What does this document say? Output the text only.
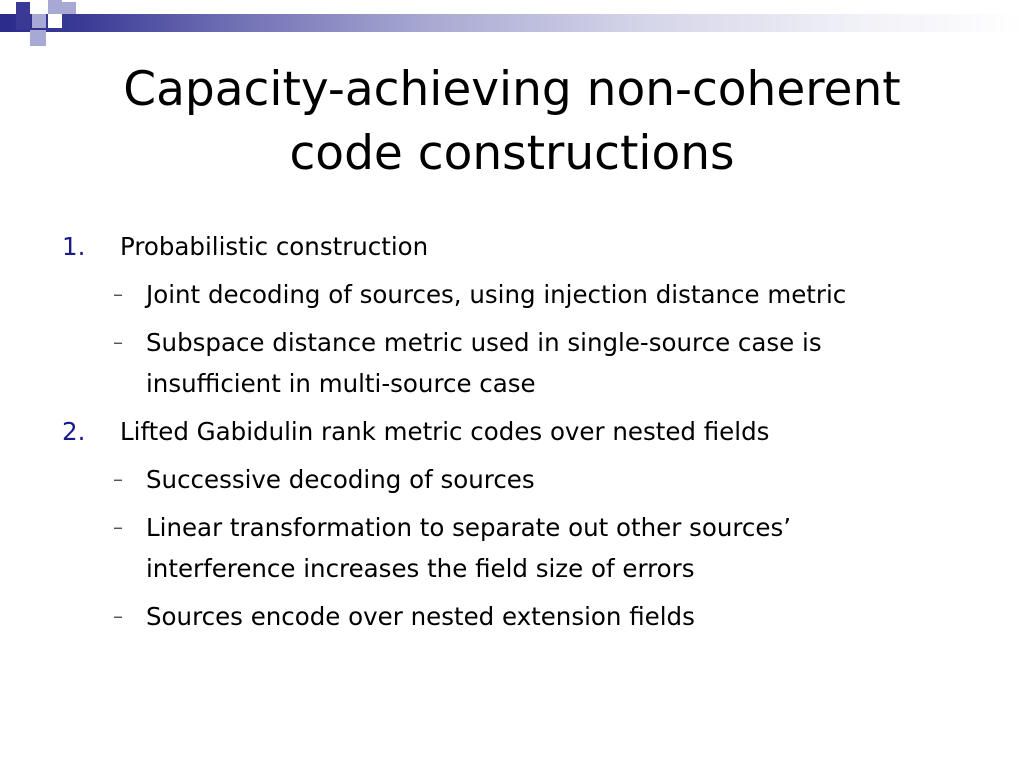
Capacity-achieving non-coherent
code constructions
1. Probabilistic construction
– Joint decoding of sources, using injection distance metric
– Subspace distance metric used in single-source case is
insufficient in multi-source case
2. Lifted Gabidulin rank metric codes over nested fields
– Successive decoding of sources
– Linear transformation to separate out other sources’
interference increases the field size of errors
– Sources encode over nested extension fields
